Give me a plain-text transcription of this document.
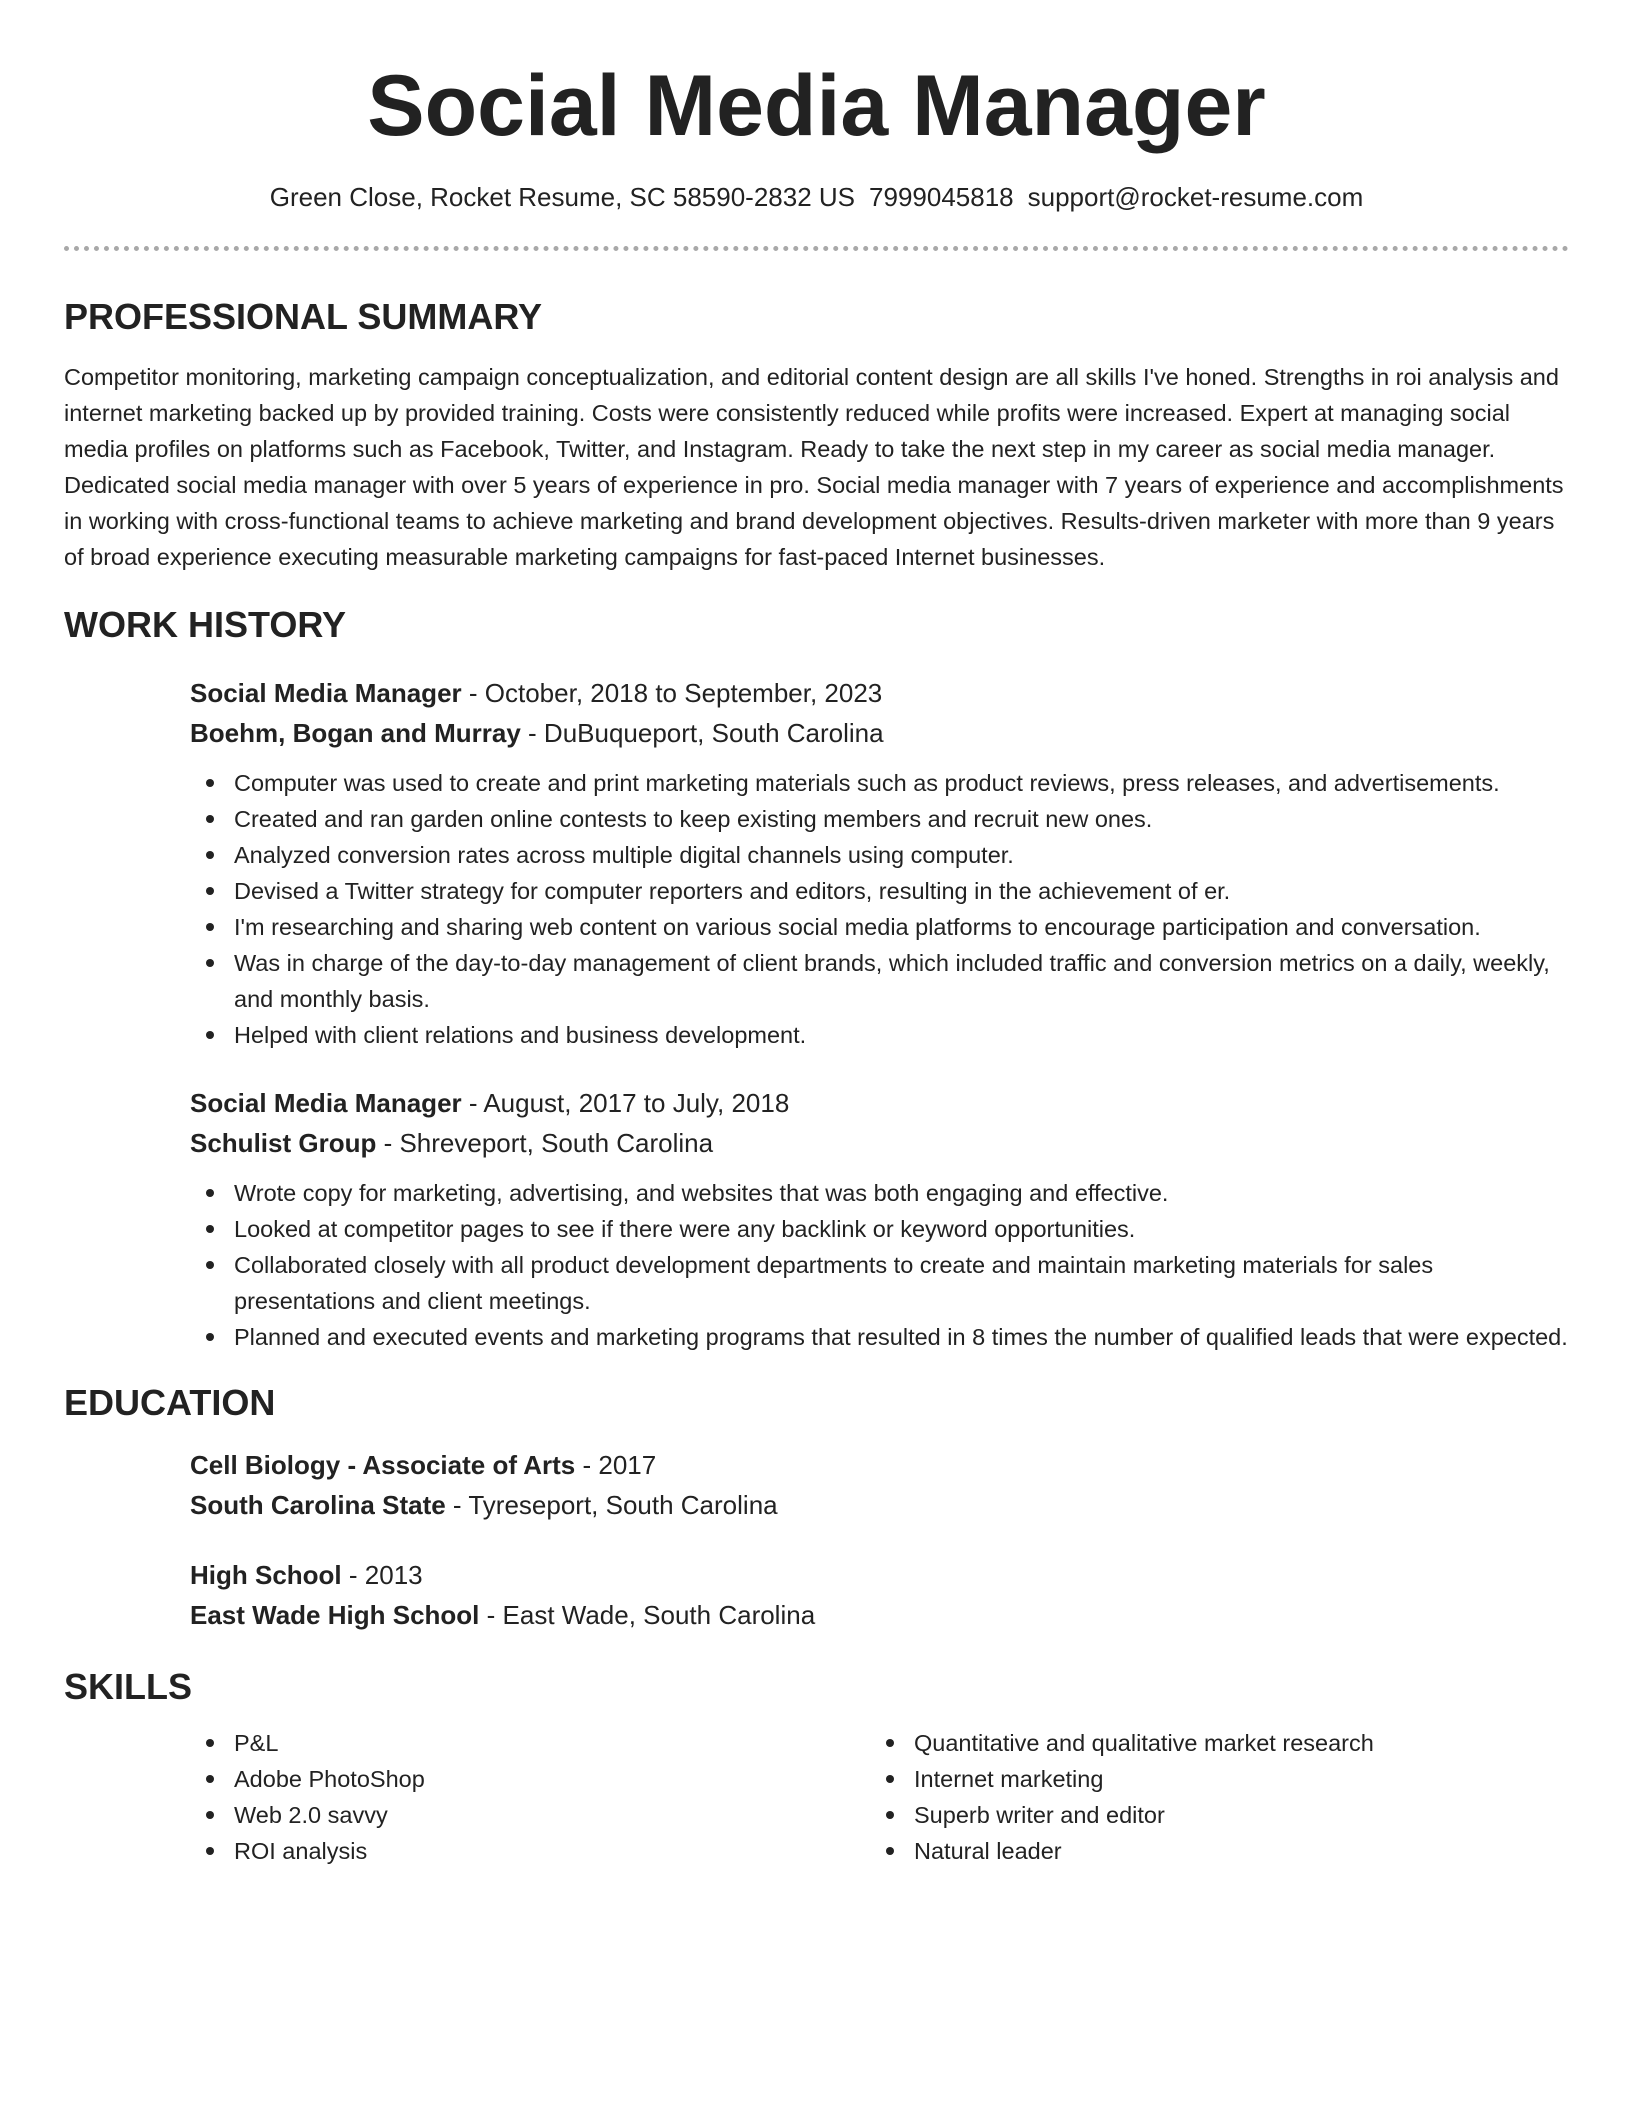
Social Media Manager
Green Close, Rocket Resume, SC 58590-2832 US 7999045818 support@rocket-resume.com
PROFESSIONAL SUMMARY

Competitor monitoring, marketing campaign conceptualization, and editorial content design are all skills I've honed. Strengths in roi analysis and internet marketing backed up by provided training. Costs were consistently reduced while profits were increased. Expert at managing social media profiles on platforms such as Facebook, Twitter, and Instagram. Ready to take the next step in my career as social media manager. Dedicated social media manager with over 5 years of experience in pro. Social media manager with 7 years of experience and accomplishments in working with cross-functional teams to achieve marketing and brand development objectives. Results-driven marketer with more than 9 years of broad experience executing measurable marketing campaigns for fast-paced Internet businesses.

WORK HISTORY
Social Media Manager - October, 2018 to September, 2023
Boehm, Bogan and Murray - DuBuqueport, South Carolina
Computer was used to create and print marketing materials such as product reviews, press releases, and advertisements.
Created and ran garden online contests to keep existing members and recruit new ones.
Analyzed conversion rates across multiple digital channels using computer.
Devised a Twitter strategy for computer reporters and editors, resulting in the achievement of er.
I'm researching and sharing web content on various social media platforms to encourage participation and conversation.
Was in charge of the day-to-day management of client brands, which included traffic and conversion metrics on a daily, weekly, and monthly basis.
Helped with client relations and business development.
Social Media Manager - August, 2017 to July, 2018
Schulist Group - Shreveport, South Carolina
Wrote copy for marketing, advertising, and websites that was both engaging and effective.
Looked at competitor pages to see if there were any backlink or keyword opportunities.
Collaborated closely with all product development departments to create and maintain marketing materials for sales presentations and client meetings.
Planned and executed events and marketing programs that resulted in 8 times the number of qualified leads that were expected.
EDUCATION
Cell Biology - Associate of Arts - 2017
South Carolina State - Tyreseport, South Carolina
High School - 2013
East Wade High School - East Wade, South Carolina
SKILLS
P&L
Adobe PhotoShop
Web 2.0 savvy
ROI analysis
Quantitative and qualitative market research
Internet marketing
Superb writer and editor
Natural leader
